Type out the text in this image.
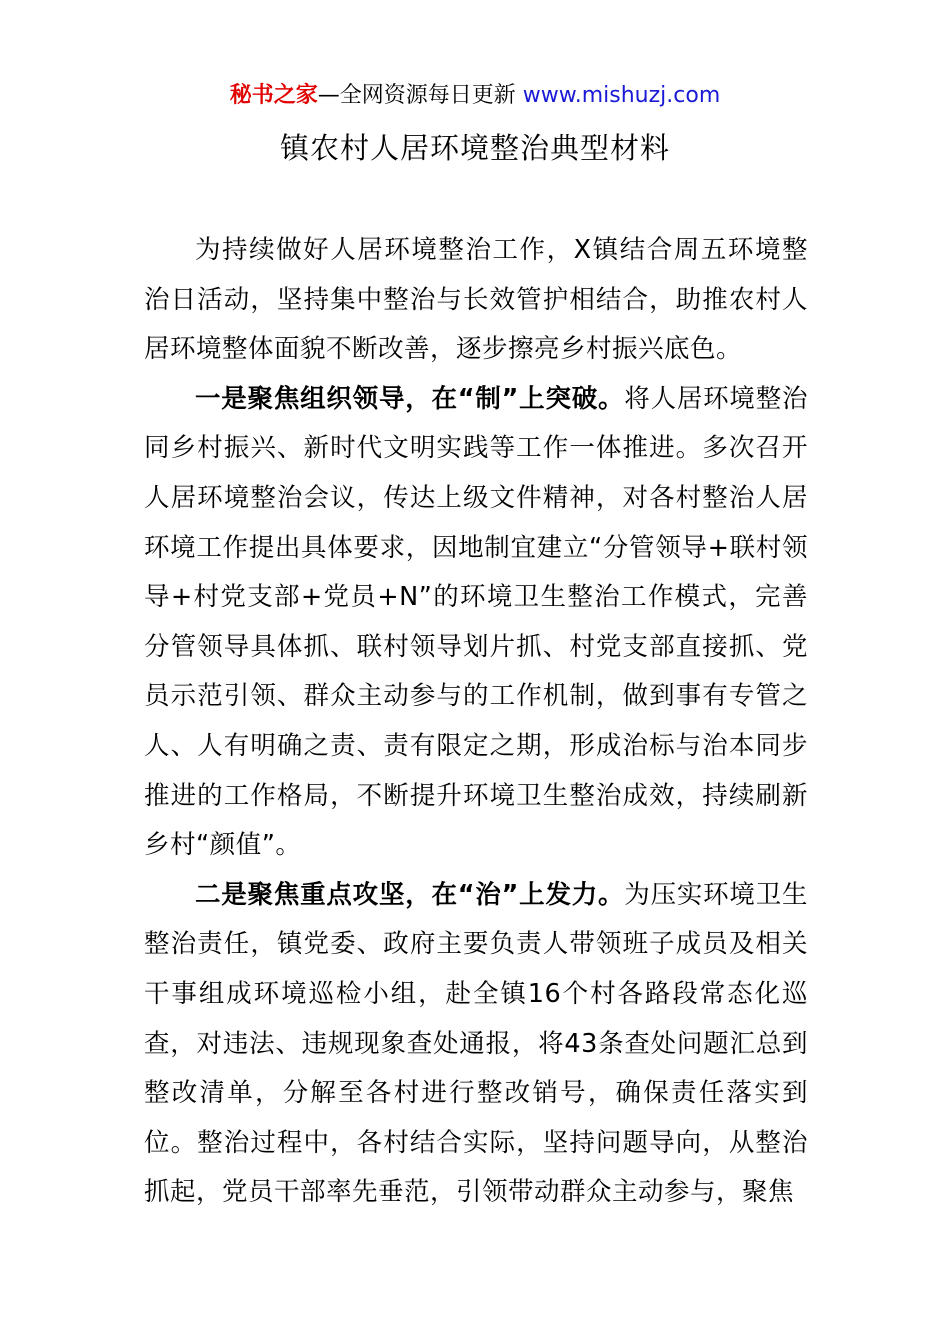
秘书之家—全网资源每日更新 www.mishuzj.com
镇农村人居环境整治典型材料

为持续做好人居环境整治工作，X镇结合周五环境整治日活动，坚持集中整治与长效管护相结合，助推农村人居环境整体面貌不断改善，逐步擦亮乡村振兴底色。

一是聚焦组织领导，在“制”上突破。将人居环境整治同乡村振兴、新时代文明实践等工作一体推进。多次召开人居环境整治会议，传达上级文件精神，对各村整治人居环境工作提出具体要求，因地制宜建立“分管领导+联村领导+村党支部+党员+N”的环境卫生整治工作模式，完善分管领导具体抓、联村领导划片抓、村党支部直接抓、党员示范引领、群众主动参与的工作机制，做到事有专管之人、人有明确之责、责有限定之期，形成治标与治本同步推进的工作格局，不断提升环境卫生整治成效，持续刷新乡村“颜值”。

二是聚焦重点攻坚，在“治”上发力。为压实环境卫生整治责任，镇党委、政府主要负责人带领班子成员及相关干事组成环境巡检小组，赴全镇16个村各路段常态化巡查，对违法、违规现象查处通报，将43条查处问题汇总到整改清单，分解至各村进行整改销号，确保责任落实到位。整治过程中，各村结合实际，坚持问题导向，从整治抓起，党员干部率先垂范，引领带动群众主动参与，聚焦
